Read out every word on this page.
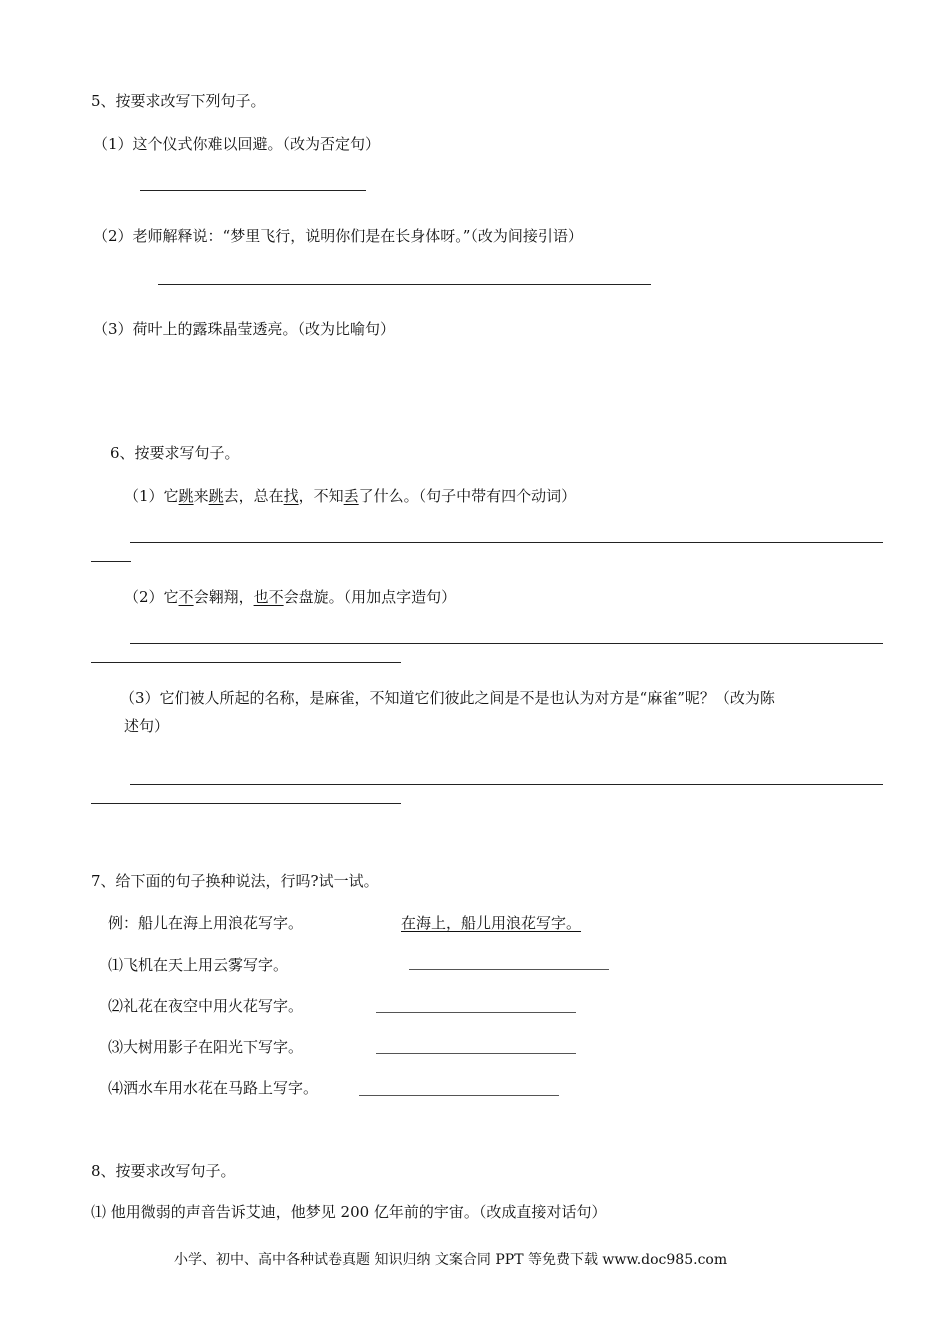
5、按要求改写下列句子。
（1）这个仪式你难以回避。（改为否定句）
（2）老师解释说：“梦里飞行，说明你们是在长身体呀。”（改为间接引语）
（3）荷叶上的露珠晶莹透亮。（改为比喻句）
6、按要求写句子。
（1）它跳来跳去，总在找，不知丢了什么。（句子中带有四个动词）
（2）它不会翱翔，也不会盘旋。（用加点字造句）
（3）它们被人所起的名称，是麻雀，不知道它们彼此之间是不是也认为对方是“麻雀”呢？（改为陈
述句）
7、给下面的句子换种说法，行吗?试一试。
例：船儿在海上用浪花写字。	在海上，船儿用浪花写字。
⑴飞机在天上用云雾写字。
⑵礼花在夜空中用火花写字。
⑶大树用影子在阳光下写字。
⑷洒水车用水花在马路上写字。
8、按要求改写句子。
⑴ 他用微弱的声音告诉艾迪，他梦见 200 亿年前的宇宙。（改成直接对话句）
小学、初中、高中各种试卷真题 知识归纳 文案合同 PPT 等免费下载 www.doc985.com
